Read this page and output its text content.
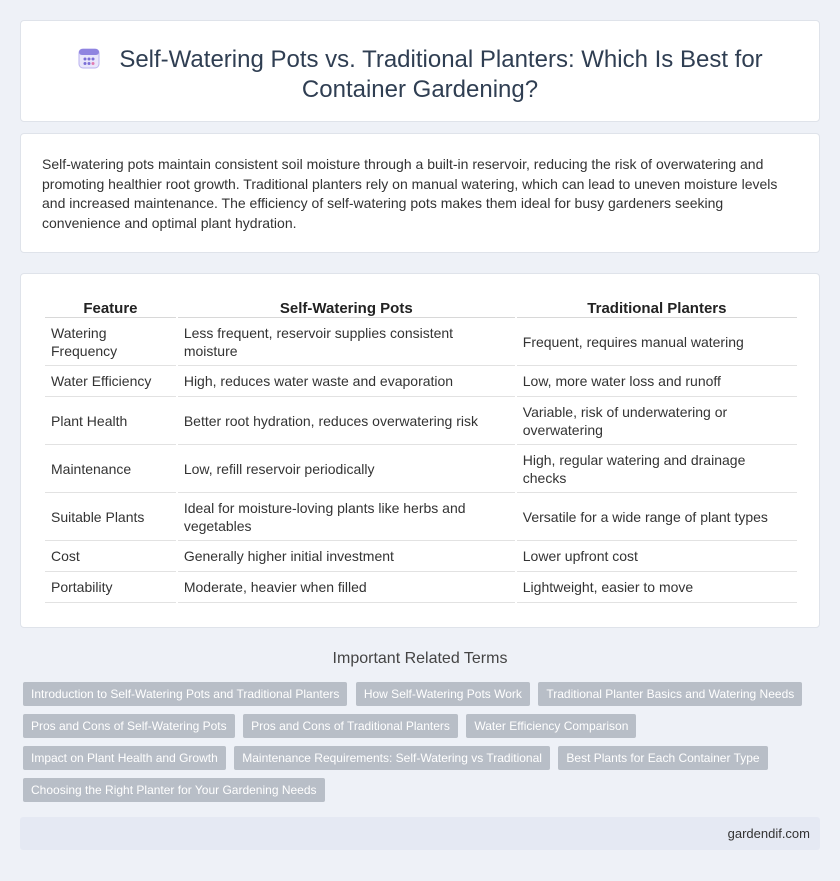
Self-Watering Pots vs. Traditional Planters: Which Is Best for Container Gardening?

Self-watering pots maintain consistent soil moisture through a built-in reservoir, reducing the risk of overwatering and promoting healthier root growth. Traditional planters rely on manual watering, which can lead to uneven moisture levels and increased maintenance. The efficiency of self-watering pots makes them ideal for busy gardeners seeking convenience and optimal plant hydration.

Feature	Self-Watering Pots	Traditional Planters
Watering Frequency	Less frequent, reservoir supplies consistent moisture	Frequent, requires manual watering
Water Efficiency	High, reduces water waste and evaporation	Low, more water loss and runoff
Plant Health	Better root hydration, reduces overwatering risk	Variable, risk of underwatering or overwatering
Maintenance	Low, refill reservoir periodically	High, regular watering and drainage checks
Suitable Plants	Ideal for moisture-loving plants like herbs and vegetables	Versatile for a wide range of plant types
Cost	Generally higher initial investment	Lower upfront cost
Portability	Moderate, heavier when filled	Lightweight, easier to move
Important Related Terms
Introduction to Self-Watering Pots and Traditional Planters How Self-Watering Pots Work Traditional Planter Basics and Watering Needs Pros and Cons of Self-Watering Pots Pros and Cons of Traditional Planters Water Efficiency Comparison Impact on Plant Health and Growth Maintenance Requirements: Self-Watering vs Traditional Best Plants for Each Container Type Choosing the Right Planter for Your Gardening Needs
gardendif.com
